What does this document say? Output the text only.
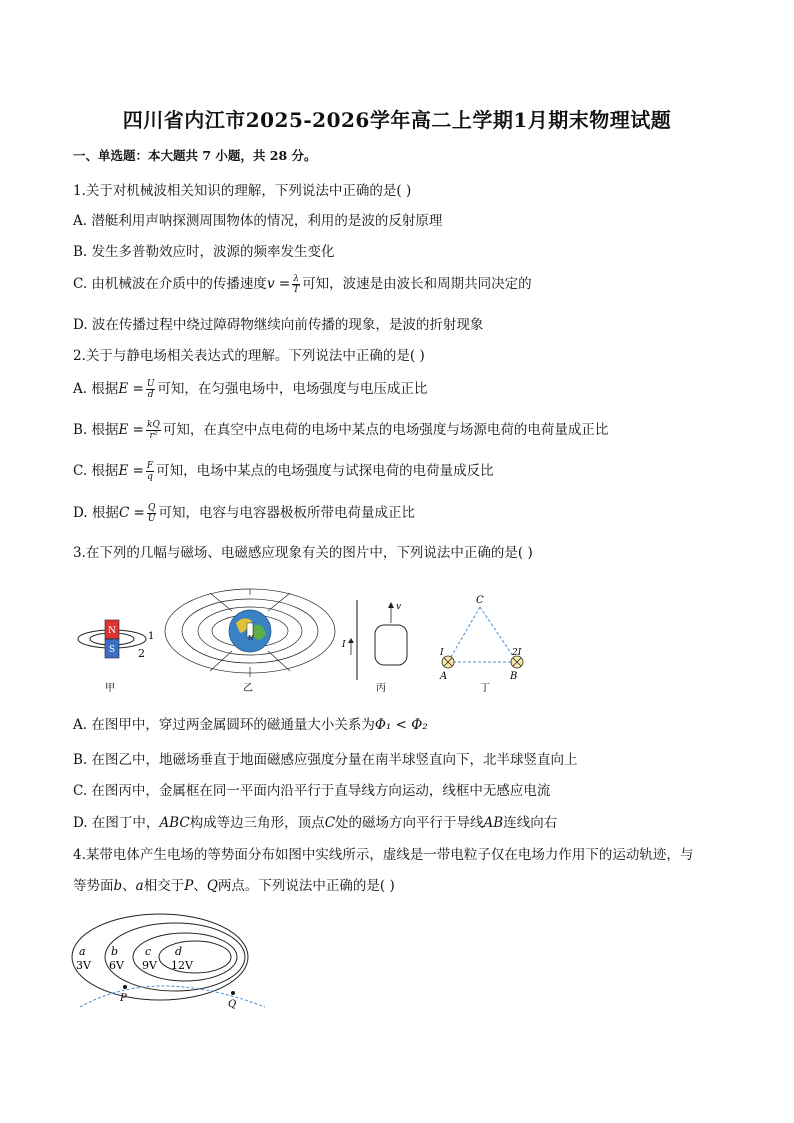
四川省内江市2025-2026学年高二上学期1月期末物理试题
一、单选题：本大题共 7 小题，共 28 分。
1.关于对机械波相关知识的理解，下列说法中正确的是( )
A. 潜艇利用声呐探测周围物体的情况，利用的是波的反射原理
B. 发生多普勒效应时，波源的频率发生变化
C. 由机械波在介质中的传播速度$v = \frac{\lambda}{T}$ 可知，波速是由波长和周期共同决定的
D. 波在传播过程中绕过障碍物继续向前传播的现象，是波的折射现象
2.关于与静电场相关表达式的理解。下列说法中正确的是( )
A. 根据$E = \frac{U}{d}$ 可知，在匀强电场中，电场强度与电压成正比
B. 根据$E = \frac{kQ}{\text{r²}}$ 可知，在真空中点电荷的电场中某点的电场强度与场源电荷的电荷量成正比
C. 根据$E = \frac{F}{q}$ 可知，电场中某点的电场强度与试探电荷的电荷量成反比
D. 根据$C = \frac{Q}{U}$ 可知，电容与电容器极板所带电荷量成正比
3.在下列的几幅与磁场、电磁感应现象有关的图片中，下列说法中正确的是( )
N
S
1
2
甲
N
乙
I
v
丙
C
I	2I
A	B
丁
A. 在图甲中，穿过两金属圆环的磁通量大小关系为Φ₁ < Φ₂
B. 在图乙中，地磁场垂直于地面磁感应强度分量在南半球竖直向下，北半球竖直向上
C. 在图丙中，金属框在同一平面内沿平行于直导线方向运动，线框中无感应电流
D. 在图丁中，ABC构成等边三角形，顶点C处的磁场方向平行于导线AB连线向右
4.某带电体产生电场的等势面分布如图中实线所示，虚线是一带电粒子仅在电场力作用下的运动轨迹，与
等势面b、a相交于P、Q两点。下列说法中正确的是( )
a
3V
b
6V
c
9V
d
12V
P
Q
